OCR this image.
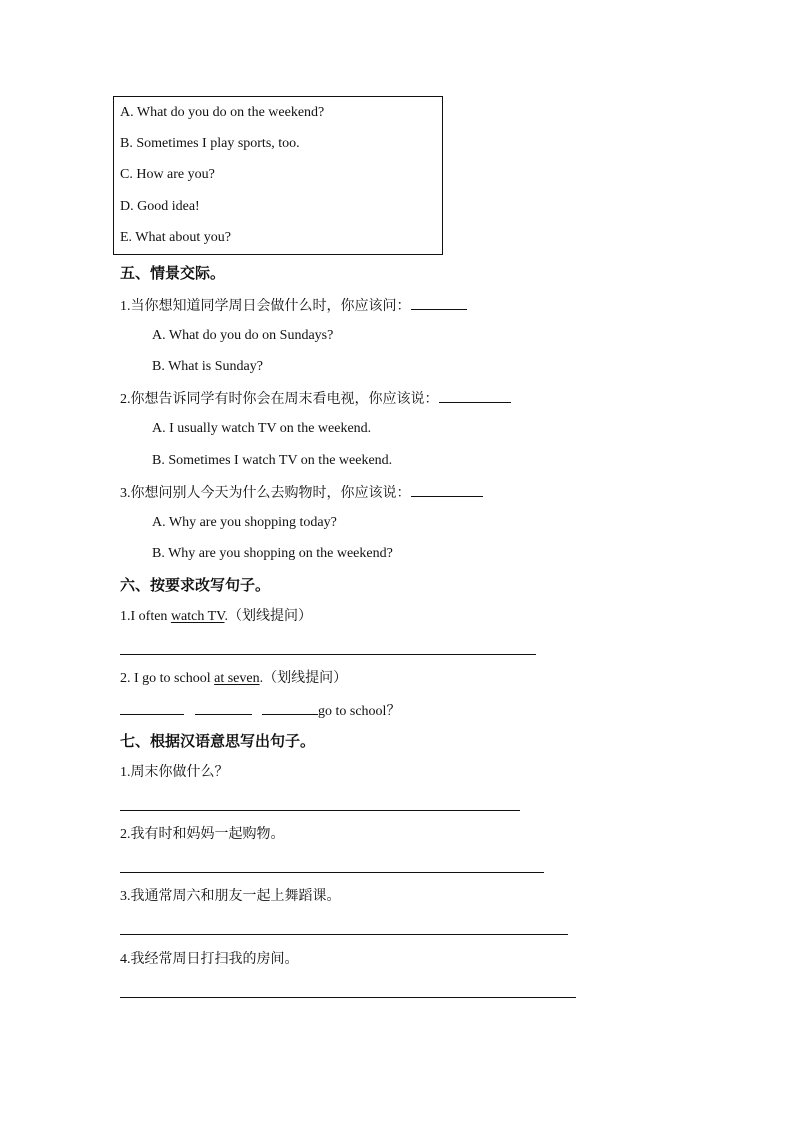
A. What do you do on the weekend?
B. Sometimes I play sports, too.
C. How are you?
D. Good idea!
E. What about you?
五、情景交际。
1.当你想知道同学周日会做什么时，你应该问：
A. What do you do on Sundays?
B. What is Sunday?
2.你想告诉同学有时你会在周末看电视，你应该说：
A. I usually watch TV on the weekend.
B. Sometimes I watch TV on the weekend.
3.你想问别人今天为什么去购物时，你应该说：
A. Why are you shopping today?
B. Why are you shopping on the weekend?
六、按要求改写句子。
1.I often watch TV.（划线提问）
2. I go to school at seven.（划线提问）
go to school？
七、根据汉语意思写出句子。
1.周末你做什么？
2.我有时和妈妈一起购物。
3.我通常周六和朋友一起上舞蹈课。
4.我经常周日打扫我的房间。
